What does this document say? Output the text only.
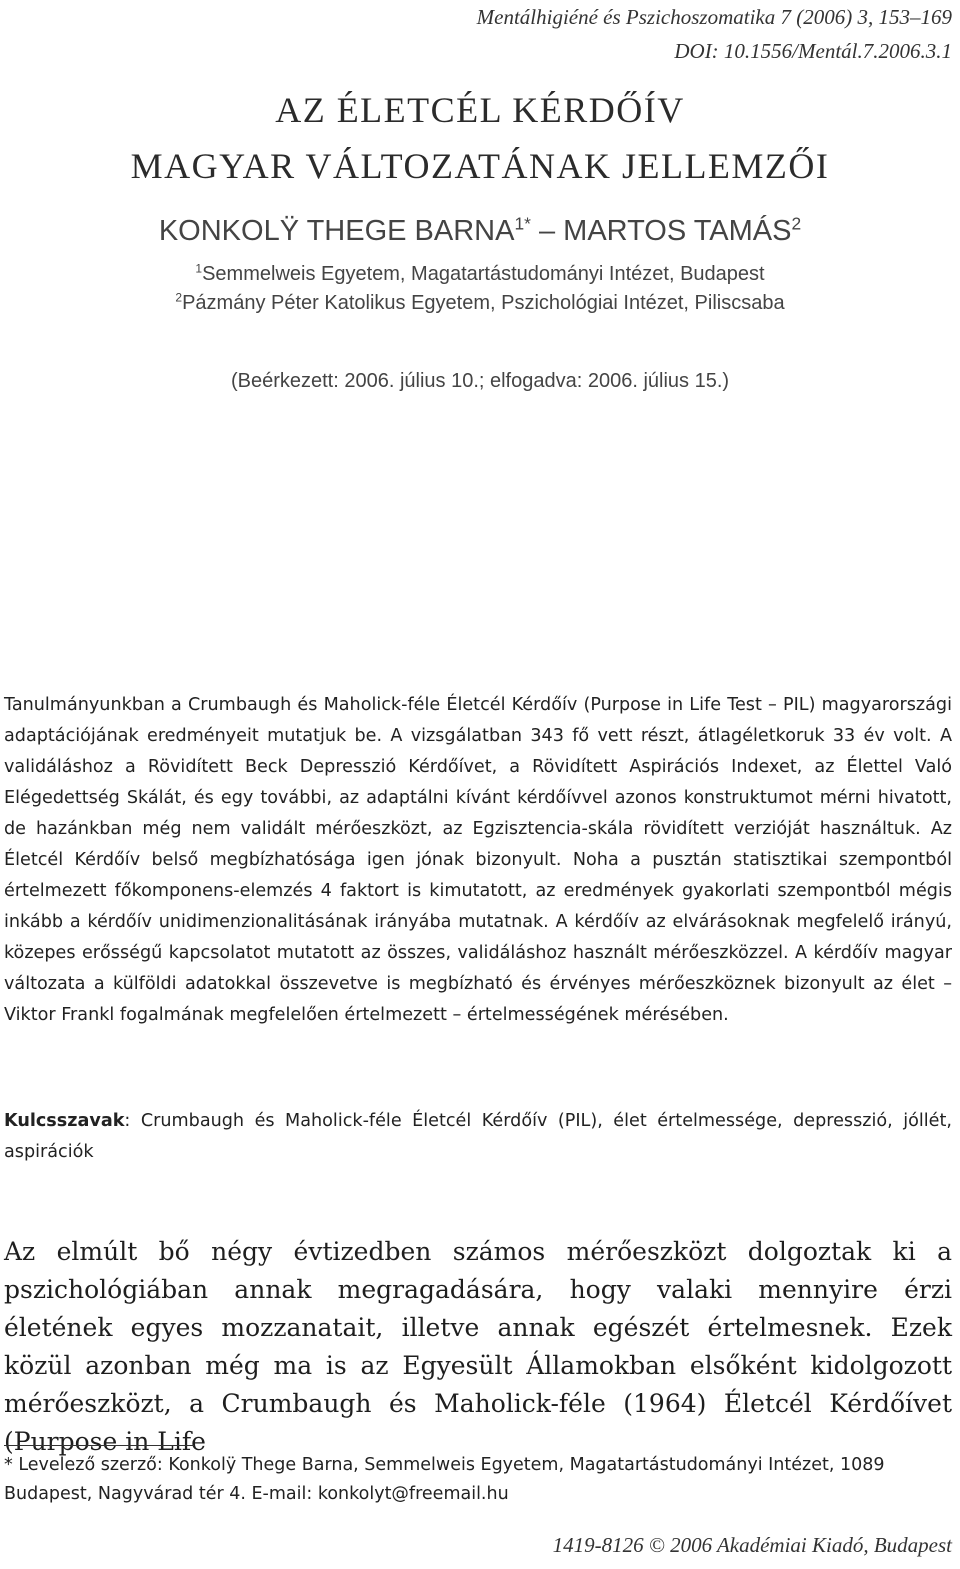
Mentálhigiéné és Pszichoszomatika 7 (2006) 3, 153–169
DOI: 10.1556/Mentál.7.2006.3.1
AZ ÉLETCÉL KÉRDŐÍV
MAGYAR VÁLTOZATÁNAK JELLEMZŐI
KONKOLŸ THEGE $BARNA^{1*}$ – MARTOS TAMÁS$^2$
$^1$Semmelweis Egyetem, Magatartástudományi Intézet, Budapest
$^2$Pázmány Péter Katolikus Egyetem, Pszichológiai Intézet, Piliscsaba
(Beérkezett: 2006. július 10.; elfogadva: 2006. július 15.)
Tanulmányunkban a Crumbaugh és Maholick-féle Életcél Kérdőív (Purpose in Life Test – PIL) magyarországi adaptációjának eredményeit mutatjuk be. A vizsgálatban 343 fő vett részt, átlagéletkoruk 33 év volt. A validáláshoz a Rövidített Beck Depresszió Kérdőívet, a Rövidített Aspirációs Indexet, az Élettel Való Elégedettség Skálát, és egy további, az adaptálni kívánt kérdőívvel azonos konstruktumot mérni hivatott, de hazánkban még nem validált mérőeszközt, az Egzisztencia-skála rövidített verzióját használtuk. Az Életcél Kérdőív belső megbízhatósága igen jónak bizonyult. Noha a pusztán statisztikai szempontból értelmezett főkomponens-elemzés 4 faktort is kimutatott, az eredmények gyakorlati szempontból mégis inkább a kérdőív unidimenzionalitásának irányába mutatnak. A kérdőív az elvárásoknak megfelelő irányú, közepes erősségű kapcsolatot mutatott az összes, validáláshoz használt mérőeszközzel. A kérdőív magyar változata a külföldi adatokkal összevetve is megbízható és érvényes mérőeszköznek bizonyult az élet – Viktor Frankl fogalmának megfelelően értelmezett – értelmességének mérésében.
Kulcsszavak: Crumbaugh és Maholick-féle Életcél Kérdőív (PIL), élet értelmessége, depresszió, jóllét, aspirációk
Az elmúlt bő négy évtizedben számos mérőeszközt dolgoztak ki a pszichológiában annak megragadására, hogy valaki mennyire érzi életének egyes mozzanatait, illetve annak egészét értelmesnek. Ezek közül azonban még ma is az Egyesült Államokban elsőként kidolgozott mérőeszközt, a Crumbaugh és Maholick-féle (1964) Életcél Kérdőívet (Purpose in Life
* Levelező szerző: Konkolÿ Thege Barna, Semmelweis Egyetem, Magatartástudományi Intézet, 1089 Budapest, Nagyvárad tér 4. E-mail: konkolyt@freemail.hu
1419-8126 © 2006 Akadémiai Kiadó, Budapest
